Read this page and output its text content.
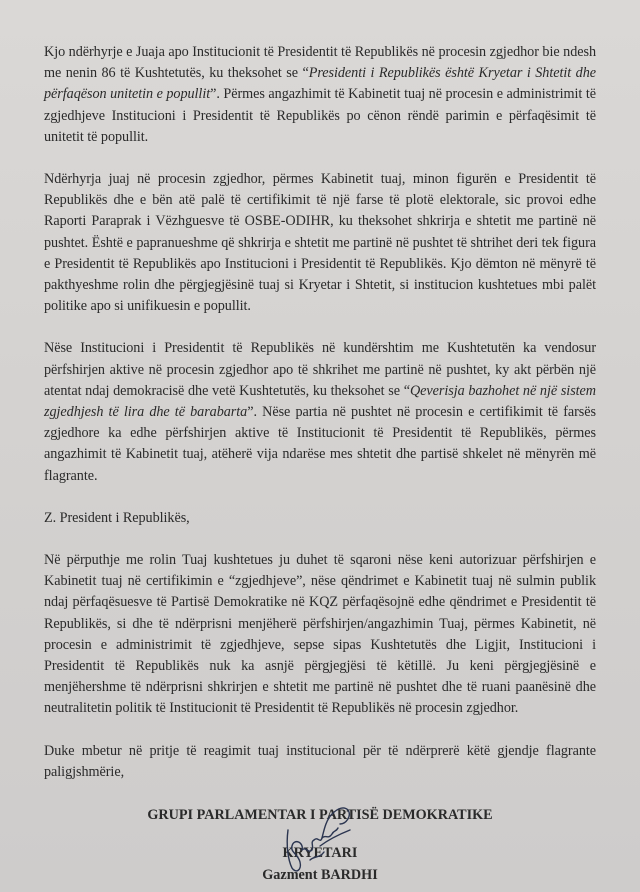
Kjo ndërhyrje e Juaja apo Institucionit të Presidentit të Republikës në procesin zgjedhor bie ndesh me nenin 86 të Kushtetutës, ku theksohet se “Presidenti i Republikës është Kryetar i Shtetit dhe përfaqëson unitetin e popullit”. Përmes angazhimit të Kabinetit tuaj në procesin e administrimit të zgjedhjeve Institucioni i Presidentit të Republikës po cënon rëndë parimin e përfaqësimit të unitetit të popullit.

Ndërhyrja juaj në procesin zgjedhor, përmes Kabinetit tuaj, minon figurën e Presidentit të Republikës dhe e bën atë palë të certifikimit të një farse të plotë elektorale, sic provoi edhe Raporti Paraprak i Vëzhguesve të OSBE-ODIHR, ku theksohet shkrirja e shtetit me partinë në pushtet. Është e papranueshme që shkrirja e shtetit me partinë në pushtet të shtrihet deri tek figura e Presidentit të Republikës apo Institucioni i Presidentit të Republikës. Kjo dëmton në mënyrë të pakthyeshme rolin dhe përgjegjësinë tuaj si Kryetar i Shtetit, si institucion kushtetues mbi palët politike apo si unifikuesin e popullit.

Nëse Institucioni i Presidentit të Republikës në kundërshtim me Kushtetutën ka vendosur përfshirjen aktive në procesin zgjedhor apo të shkrihet me partinë në pushtet, ky akt përbën një atentat ndaj demokracisë dhe vetë Kushtetutës, ku theksohet se “Qeverisja bazhohet në një sistem zgjedhjesh të lira dhe të barabarta”. Nëse partia në pushtet në procesin e certifikimit të farsës zgjedhore ka edhe përfshirjen aktive të Institucionit të Presidentit të Republikës, përmes angazhimit të Kabinetit tuaj, atëherë vija ndarëse mes shtetit dhe partisë shkelet në mënyrën më flagrante.

Z. President i Republikës,

Në përputhje me rolin Tuaj kushtetues ju duhet të sqaroni nëse keni autorizuar përfshirjen e Kabinetit tuaj në certifikimin e “zgjedhjeve”, nëse qëndrimet e Kabinetit tuaj në sulmin publik ndaj përfaqësuesve të Partisë Demokratike në KQZ përfaqësojnë edhe qëndrimet e Presidentit të Republikës, si dhe të ndërprisni menjëherë përfshirjen/angazhimin Tuaj, përmes Kabinetit, në procesin e administrimit të zgjedhjeve, sepse sipas Kushtetutës dhe Ligjit, Institucioni i Presidentit të Republikës nuk ka asnjë përgjegjësi të këtillë. Ju keni përgjegjësinë e menjëhershme të ndërprisni shkrirjen e shtetit me partinë në pushtet dhe të ruani paanësinë dhe neutralitetin politik të Institucionit të Presidentit të Republikës në procesin zgjedhor.

Duke mbetur në pritje të reagimit tuaj institucional për të ndërprerë këtë gjendje flagrante paligjshmërie,

GRUPI PARLAMENTAR I PARTISË DEMOKRATIKE
KRYETARI
Gazment BARDHI
